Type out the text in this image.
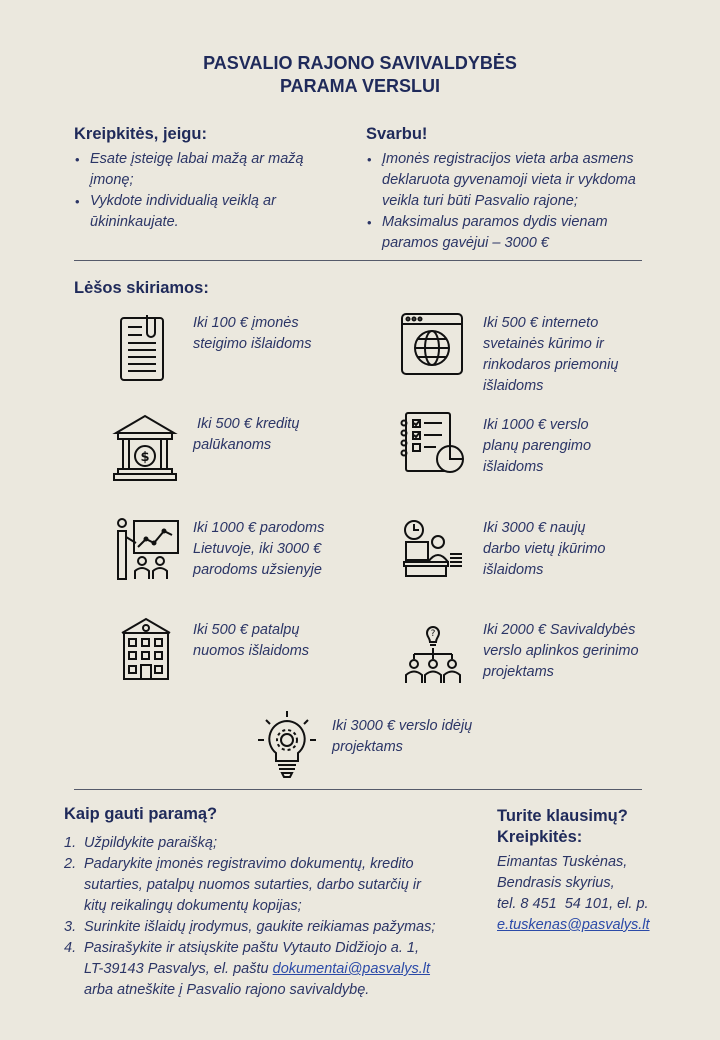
PASVALIO RAJONO SAVIVALDYBĖS
PARAMA VERSLUI
Kreipkitės, jeigu:
• Esate įsteigę labai mažą ar mažą įmonę;
• Vykdote individualią veiklą ar ūkininkaujate.
Svarbu!
• Įmonės registracijos vieta arba asmens deklaruota gyvenamoji vieta ir vykdoma veikla turi būti Pasvalio rajone;
• Maksimalus paramos dydis vienam paramos gavėjui – 3000 €
Lėšos skiriamos:
Iki 100 € įmonės
steigimo išlaidoms
Iki 500 € interneto
svetainės kūrimo ir
rinkodaros priemonių
išlaidoms
$
Iki 500 € kreditų
palūkanoms
Iki 1000 € verslo
planų parengimo
išlaidoms
Iki 1000 € parodoms
Lietuvoje, iki 3000 €
parodoms užsienyje
Iki 3000 € naujų
darbo vietų įkūrimo
išlaidoms
Iki 500 € patalpų
nuomos išlaidoms
?	Iki 2000 € Savivaldybės
verslo aplinkos gerinimo
projektams
Iki 3000 € verslo idėjų
projektams
Kaip gauti paramą?
1. Užpildykite paraišką;
2. Padarykite įmonės registravimo dokumentų, kredito
sutarties, patalpų nuomos sutarties, darbo sutarčių ir
kitų reikalingų dokumentų kopijas;
3. Surinkite išlaidų įrodymus, gaukite reikiamas pažymas;
4. Pasirašykite ir atsiųskite paštu Vytauto Didžiojo a. 1,
LT-39143 Pasvalys, el. paštu dokumentai@pasvalys.lt
arba atneškite į Pasvalio rajono savivaldybę.
Turite klausimų?
Kreipkitės:
Eimantas Tuskėnas,
Bendrasis skyrius,
tel. 8 451  54 101, el. p.
e.tuskenas@pasvalys.lt
